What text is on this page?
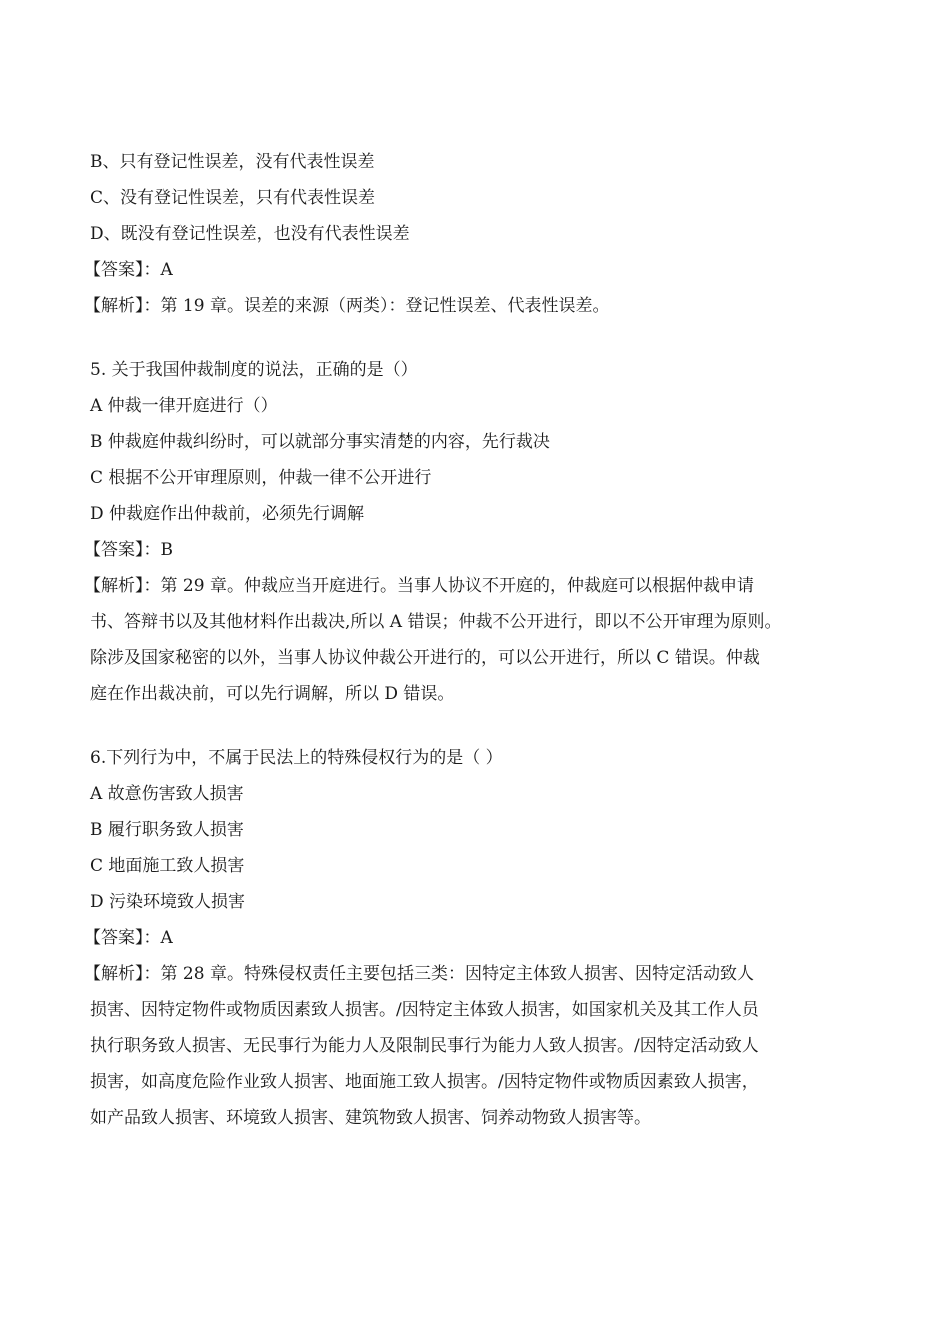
B、只有登记性误差，没有代表性误差
C、没有登记性误差，只有代表性误差
D、既没有登记性误差，也没有代表性误差
【答案】：A
【解析】：第 19 章。误差的来源（两类）：登记性误差、代表性误差。
5. 关于我国仲裁制度的说法，正确的是（）
A 仲裁一律开庭进行（）
B 仲裁庭仲裁纠纷时，可以就部分事实清楚的内容，先行裁决
C 根据不公开审理原则，仲裁一律不公开进行
D 仲裁庭作出仲裁前，必须先行调解
【答案】：B
【解析】：第 29 章。仲裁应当开庭进行。当事人协议不开庭的，仲裁庭可以根据仲裁申请
书、答辩书以及其他材料作出裁决,所以 A 错误；仲裁不公开进行，即以不公开审理为原则。
除涉及国家秘密的以外，当事人协议仲裁公开进行的，可以公开进行，所以 C 错误。仲裁
庭在作出裁决前，可以先行调解，所以 D 错误。
6.下列行为中，不属于民法上的特殊侵权行为的是（ ）
A 故意伤害致人损害
B 履行职务致人损害
C 地面施工致人损害
D 污染环境致人损害
【答案】：A
【解析】：第 28 章。特殊侵权责任主要包括三类：因特定主体致人损害、因特定活动致人
损害、因特定物件或物质因素致人损害。/因特定主体致人损害，如国家机关及其工作人员
执行职务致人损害、无民事行为能力人及限制民事行为能力人致人损害。/因特定活动致人
损害，如高度危险作业致人损害、地面施工致人损害。/因特定物件或物质因素致人损害，
如产品致人损害、环境致人损害、建筑物致人损害、饲养动物致人损害等。
